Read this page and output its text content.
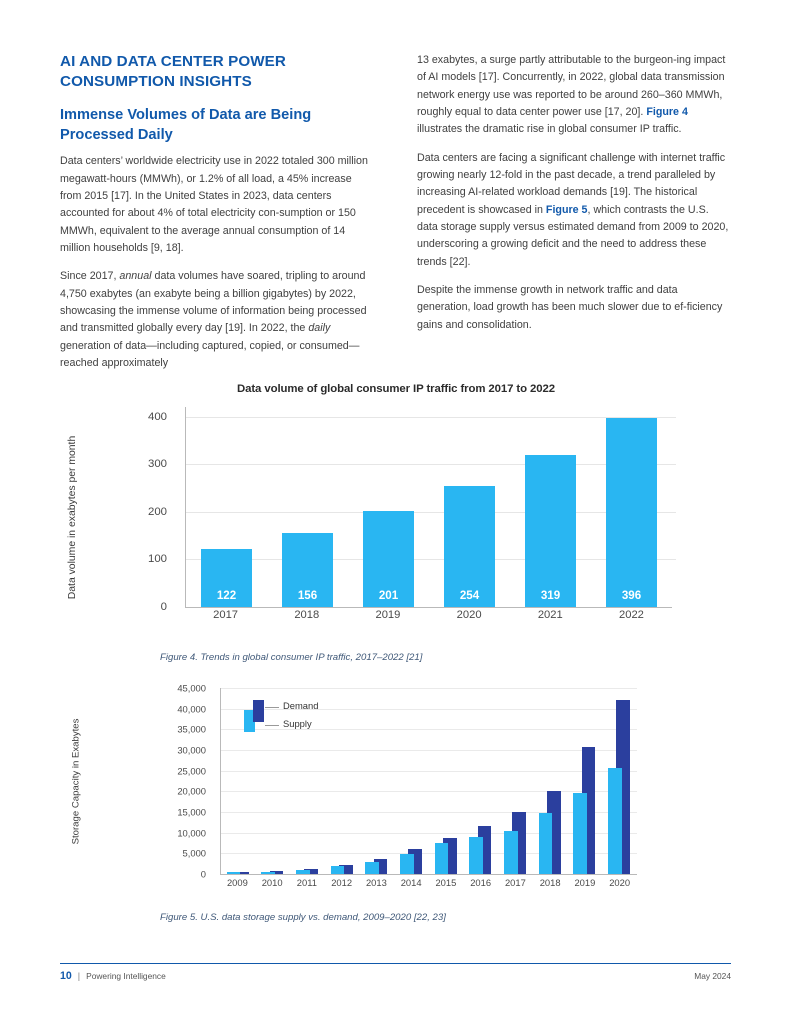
AI AND DATA CENTER POWER CONSUMPTION INSIGHTS
Immense Volumes of Data are Being Processed Daily

Data centers’ worldwide electricity use in 2022 totaled 300 million megawatt-hours (MMWh), or 1.2% of all load, a 45% increase from 2015 [17]. In the United States in 2023, data centers accounted for about 4% of total electricity con-sumption or 150 MMWh, equivalent to the average annual consumption of 14 million households [9, 18].

Since 2017, annual data volumes have soared, tripling to around 4,750 exabytes (an exabyte being a billion gigabytes) by 2022, showcasing the immense volume of information being processed and transmitted globally every day [19]. In 2022, the daily generation of data—including captured, copied, or consumed—reached approximately

13 exabytes, a surge partly attributable to the burgeon-ing impact of AI models [17]. Concurrently, in 2022, global data transmission network energy use was reported to be around 260–360 MMWh, roughly equal to data center power use [17, 20]. Figure 4 illustrates the dramatic rise in global consumer IP traffic.

Data centers are facing a significant challenge with internet traffic growing nearly 12-fold in the past decade, a trend paralleled by increasing AI-related workload demands [19]. The historical precedent is showcased in Figure 5, which contrasts the U.S. data storage supply versus estimated demand from 2009 to 2020, underscoring a growing deficit and the need to address these trends [22].

Despite the immense growth in network traffic and data generation, load growth has been much slower due to ef-ficiency gains and consolidation.

Data volume of global consumer IP traffic from 2017 to 2022

Data volume in exabytes per month
0
100
200
300
400
122	156	201	254	319	396
2017	2018	2019	2020	2021	2022

Figure 4. Trends in global consumer IP traffic, 2017–2022 [21]

Storage Capacity in Exabytes
0
5,000
10,000
15,000
20,000
25,000
30,000
35,000
40,000
45,000
Demand
Supply
2009	2010	2011	2012	2013	2014	2015	2016	2017	2018	2019	2020

Figure 5. U.S. data storage supply vs. demand, 2009–2020 [22, 23]

10 | Powering Intelligence	May 2024
